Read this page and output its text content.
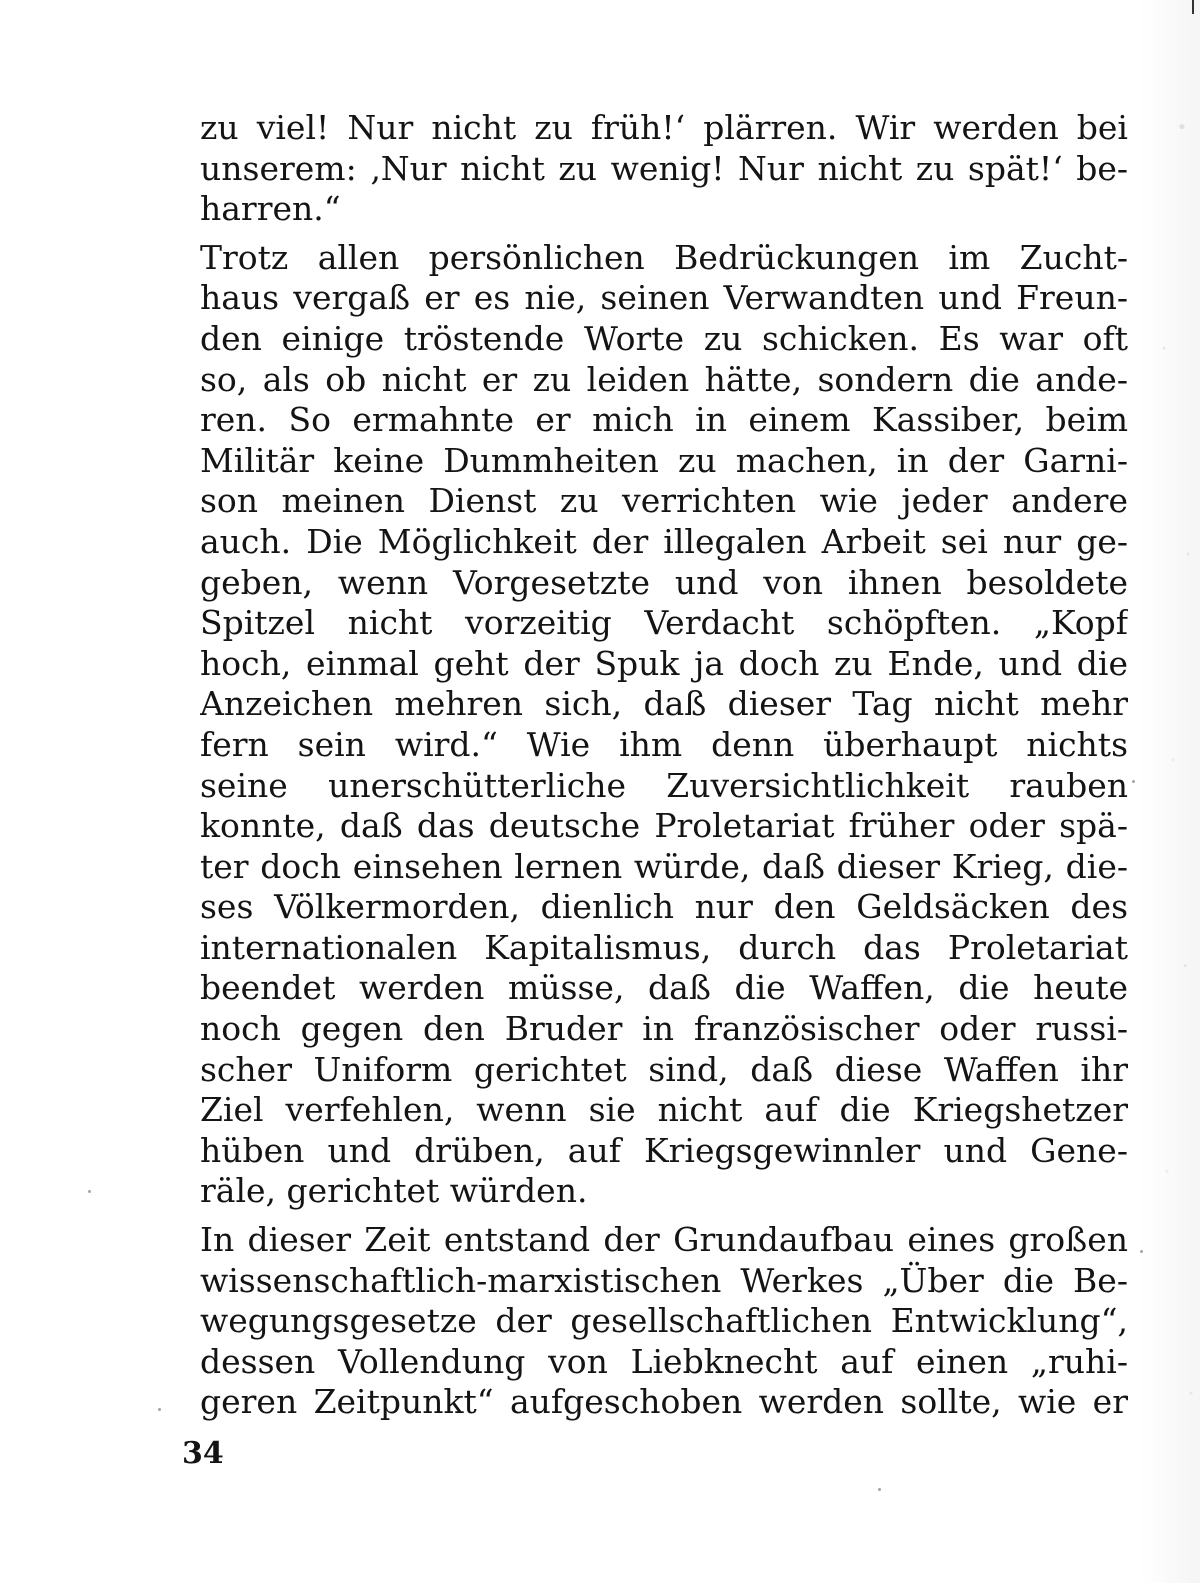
zu viel! Nur nicht zu früh!‘ plärren. Wir werden bei
unserem: ‚Nur nicht zu wenig! Nur nicht zu spät!‘ be-
harren.“
Trotz allen persönlichen Bedrückungen im Zucht-
haus vergaß er es nie, seinen Verwandten und Freun-
den einige tröstende Worte zu schicken. Es war oft
so, als ob nicht er zu leiden hätte, sondern die ande-
ren. So ermahnte er mich in einem Kassiber, beim
Militär keine Dummheiten zu machen, in der Garni-
son meinen Dienst zu verrichten wie jeder andere
auch. Die Möglichkeit der illegalen Arbeit sei nur ge-
geben, wenn Vorgesetzte und von ihnen besoldete
Spitzel nicht vorzeitig Verdacht schöpften. „Kopf
hoch, einmal geht der Spuk ja doch zu Ende, und die
Anzeichen mehren sich, daß dieser Tag nicht mehr
fern sein wird.“ Wie ihm denn überhaupt nichts
seine unerschütterliche Zuversichtlichkeit rauben
konnte, daß das deutsche Proletariat früher oder spä-
ter doch einsehen lernen würde, daß dieser Krieg, die-
ses Völkermorden, dienlich nur den Geldsäcken des
internationalen Kapitalismus, durch das Proletariat
beendet werden müsse, daß die Waffen, die heute
noch gegen den Bruder in französischer oder russi-
scher Uniform gerichtet sind, daß diese Waffen ihr
Ziel verfehlen, wenn sie nicht auf die Kriegshetzer
hüben und drüben, auf Kriegsgewinnler und Gene-
räle, gerichtet würden.
In dieser Zeit entstand der Grundaufbau eines großen
wissenschaftlich-marxistischen Werkes „Über die Be-
wegungsgesetze der gesellschaftlichen Entwicklung“,
dessen Vollendung von Liebknecht auf einen „ruhi-
geren Zeitpunkt“ aufgeschoben werden sollte, wie er
34
